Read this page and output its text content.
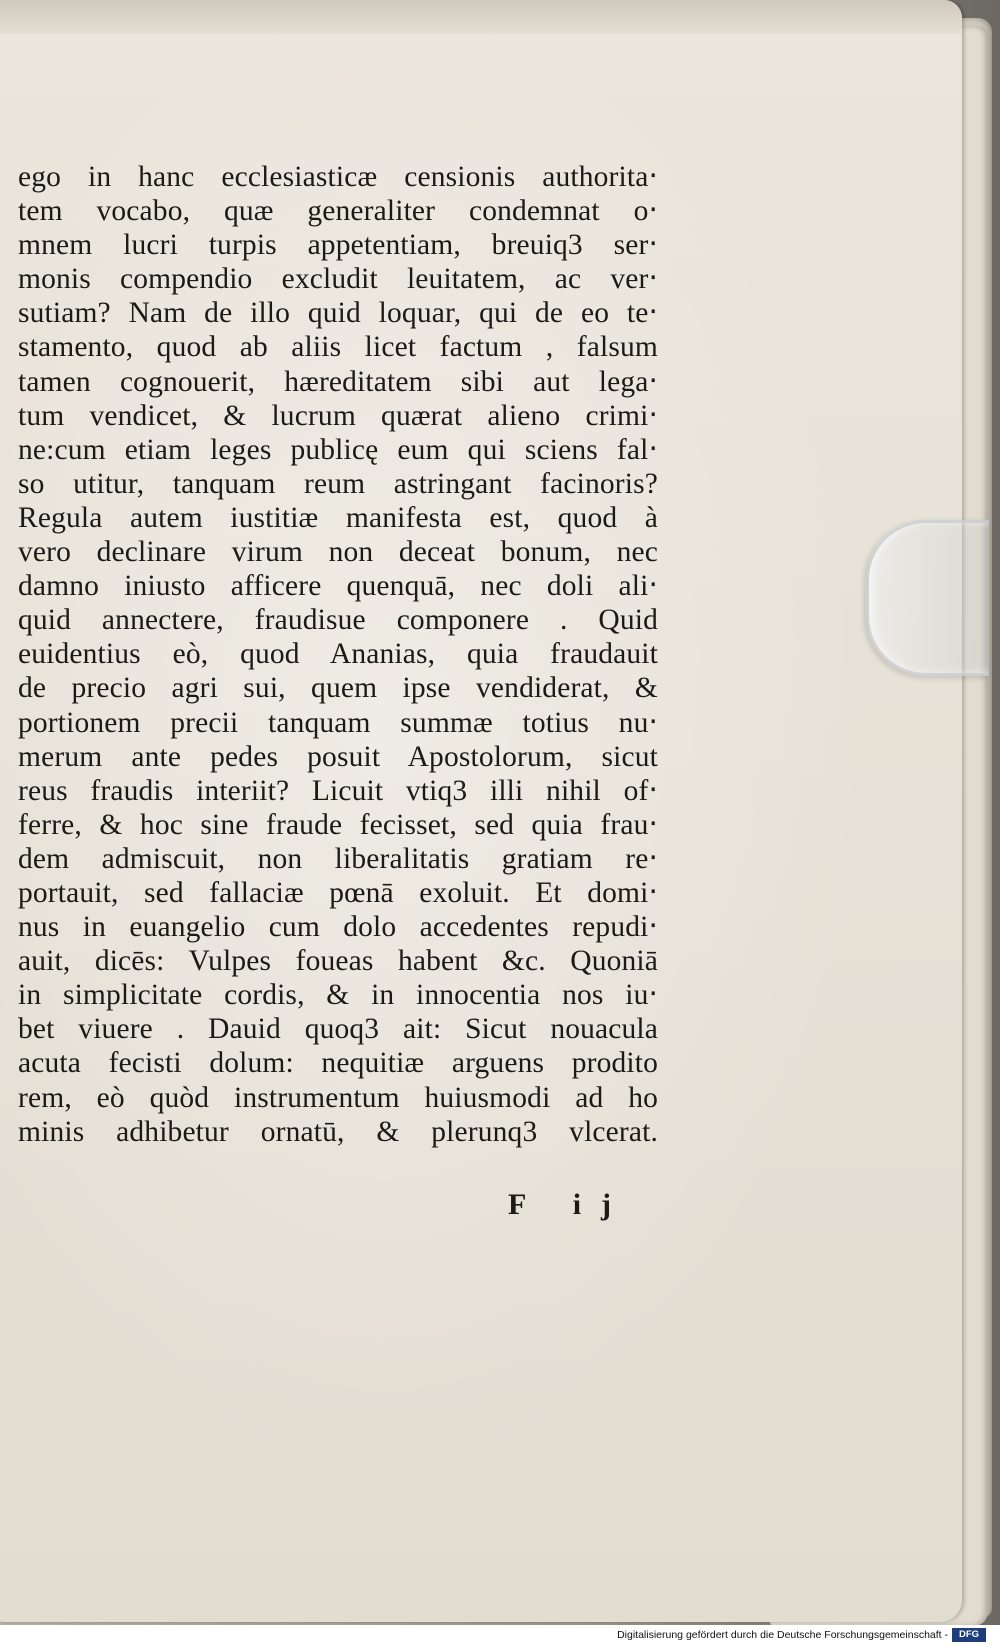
ego in hanc ecclesiasticæ censionis authorita‧
tem vocabo, quæ generaliter condemnat o‧
mnem lucri turpis appetentiam, breuiq3 ser‧
monis compendio excludit leuitatem, ac ver‧
sutiam? Nam de illo quid loquar, qui de eo te‧
stamento, quod ab aliis licet factum , falsum
tamen cognouerit, hæreditatem sibi aut lega‧
tum vendicet, & lucrum quærat alieno crimi‧
ne:cum etiam leges publicę eum qui sciens fal‧
so utitur, tanquam reum astringant facinoris?
Regula autem iustitiæ manifesta est, quod à
vero declinare virum non deceat bonum, nec
damno iniusto afficere quenquā, nec doli ali‧
quid annectere, fraudisue componere . Quid
euidentius eò, quod Ananias, quia fraudauit
de precio agri sui, quem ipse vendiderat, &
portionem precii tanquam summæ totius nu‧
merum ante pedes posuit Apostolorum, sicut
reus fraudis interiit? Licuit vtiq3 illi nihil of‧
ferre, & hoc sine fraude fecisset, sed quia frau‧
dem admiscuit, non liberalitatis gratiam re‧
portauit, sed fallaciæ pœnā exoluit. Et domi‧
nus in euangelio cum dolo accedentes repudi‧
auit, dicēs: Vulpes foueas habent &c. Quoniā
in simplicitate cordis, & in innocentia nos iu‧
bet viuere . Dauid quoq3 ait: Sicut nouacula
acuta fecisti dolum: nequitiæ arguens prodito
rem, eò quòd instrumentum huiusmodi ad ho
minis adhibetur ornatū, & plerunq3 vlcerat.
F ij
Digitalisierung gefördert durch die Deutsche Forschungsgemeinschaft -	DFG
